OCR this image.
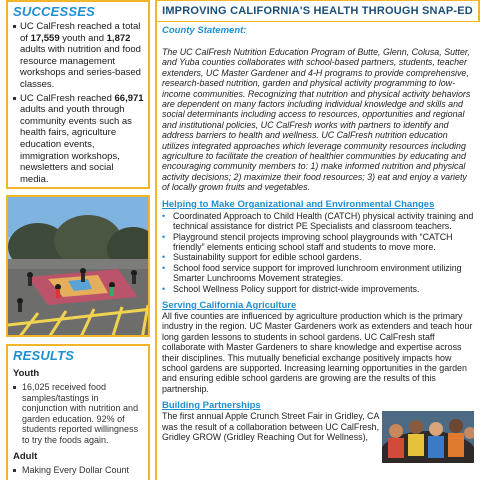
SUCCESSES
UC CalFresh reached a total of 17,559 youth and 1,872 adults with nutrition and food resource management workshops and series-based classes.
UC CalFresh reached 66,971 adults and youth through community events such as health fairs, agriculture education events, immigration workshops, newsletters and social media.
RESULTS
Youth
16,025 received food samples/tastings in conjunction with nutrition and garden education. 92% of students reported willingness to try the foods again.
Adult
Making Every Dollar Count
IMPROVING CALIFORNIA'S HEALTH THROUGH SNAP-ED
County Statement:

The UC CalFresh Nutrition Education Program of Butte, Glenn, Colusa, Sutter, and Yuba counties collaborates with school-based partners, students, teacher extenders, UC Master Gardener and 4-H programs to provide comprehensive, research-based nutrition, garden and physical activity programming to low-income communities. Recognizing that nutrition and physical activity behaviors are dependent on many factors including individual knowledge and skills and social determinants including access to resources, opportunities and regional and institutional policies, UC CalFresh works with partners to identify and address barriers to health and wellness. UC CalFresh nutrition education utilizes integrated approaches which leverage community resources including agriculture to facilitate the creation of healthier communities by educating and encouraging community members to: 1) make informed nutrition and physical activity decisions; 2) maximize their food resources; 3) eat and enjoy a variety of locally grown fruits and vegetables.

Helping to Make Organizational and Environmental Changes
• Coordinated Approach to Child Health (CATCH) physical activity training and technical assistance for district PE Specialists and classroom teachers.
• Playground stencil projects improving school playgrounds with “CATCH friendly” elements enticing school staff and students to move more.
• Sustainability support for edible school gardens.
• School food service support for improved lunchroom environment utilizing Smarter Lunchrooms Movement strategies.
• School Wellness Policy support for district-wide improvements.
Serving California Agriculture

All five counties are influenced by agriculture production which is the primary industry in the region. UC Master Gardeners work as extenders and teach hour long garden lessons to students in school gardens. UC CalFresh staff collaborate with Master Gardeners to share knowledge and expertise across their disciplines. This mutually beneficial exchange positively impacts how school gardens are supported. Increasing learning opportunities in the garden and ensuring edible school gardens are growing are the results of this partnership.

Building Partnerships

The first annual Apple Crunch Street Fair in Gridley, CA was the result of a collaboration between UC CalFresh, Gridley GROW (Gridley Reaching Out for Wellness),
